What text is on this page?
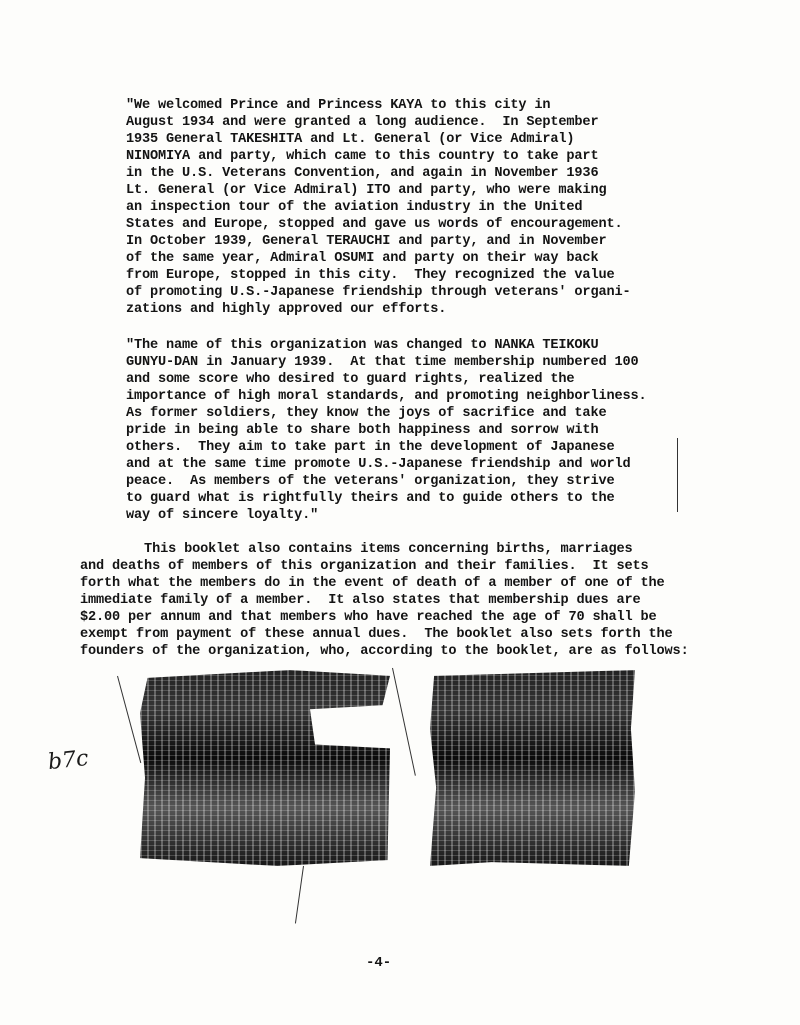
"We welcomed Prince and Princess KAYA to this city in
August 1934 and were granted a long audience.  In September
1935 General TAKESHITA and Lt. General (or Vice Admiral)
NINOMIYA and party, which came to this country to take part
in the U.S. Veterans Convention, and again in November 1936
Lt. General (or Vice Admiral) ITO and party, who were making
an inspection tour of the aviation industry in the United
States and Europe, stopped and gave us words of encouragement.
In October 1939, General TERAUCHI and party, and in November
of the same year, Admiral OSUMI and party on their way back
from Europe, stopped in this city.  They recognized the value
of promoting U.S.-Japanese friendship through veterans' organi-
zations and highly approved our efforts.

"The name of this organization was changed to NANKA TEIKOKU
GUNYU-DAN in January 1939.  At that time membership numbered 100
and some score who desired to guard rights, realized the
importance of high moral standards, and promoting neighborliness.
As former soldiers, they know the joys of sacrifice and take
pride in being able to share both happiness and sorrow with
others.  They aim to take part in the development of Japanese
and at the same time promote U.S.-Japanese friendship and world
peace.  As members of the veterans' organization, they strive
to guard what is rightfully theirs and to guide others to the
way of sincere loyalty."

This booklet also contains items concerning births, marriages
and deaths of members of this organization and their families.  It sets
forth what the members do in the event of death of a member of one of the
immediate family of a member.  It also states that membership dues are
$2.00 per annum and that members who have reached the age of 70 shall be
exempt from payment of these annual dues.  The booklet also sets forth the
founders of the organization, who, according to the booklet, are as follows:

b7c
-4-
